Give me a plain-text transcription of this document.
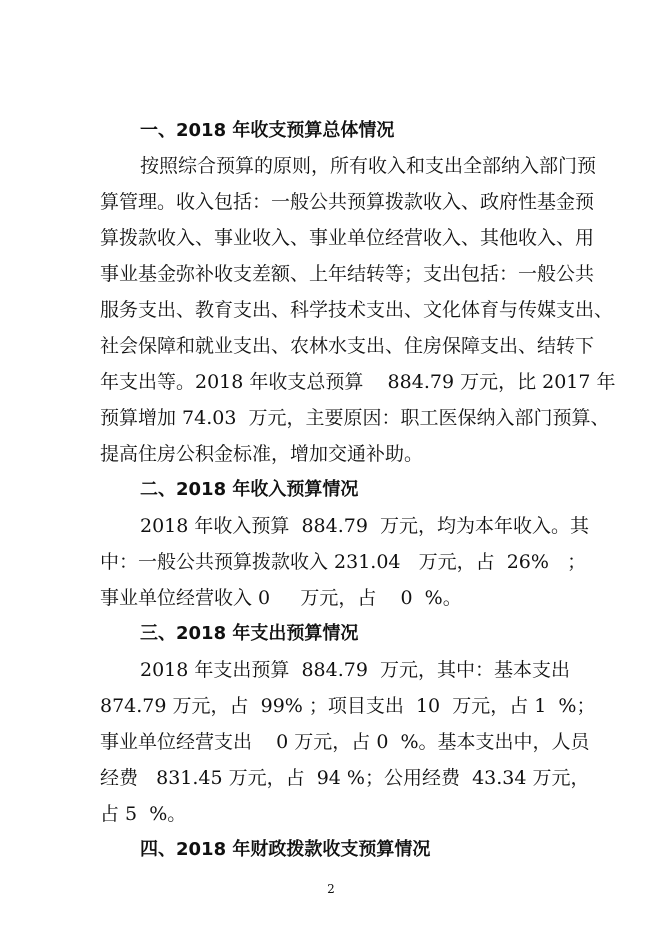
一、2018 年收支预算总体情况
按照综合预算的原则，所有收入和支出全部纳入部门预
算管理。收入包括：一般公共预算拨款收入、政府性基金预
算拨款收入、事业收入、事业单位经营收入、其他收入、用
事业基金弥补收支差额、上年结转等；支出包括：一般公共
服务支出、教育支出、科学技术支出、文化体育与传媒支出、
社会保障和就业支出、农林水支出、住房保障支出、结转下
年支出等。2018 年收支总预算    884.79 万元，比 2017 年
预算增加 74.03  万元，主要原因：职工医保纳入部门预算、
提高住房公积金标准，增加交通补助。
二、2018 年收入预算情况
2018 年收入预算  884.79  万元，均为本年收入。其
中：一般公共预算拨款收入 231.04   万元，占  26%   ；
事业单位经营收入 0     万元，占    0  %。
三、2018 年支出预算情况
2018 年支出预算  884.79  万元，其中：基本支出
874.79 万元，占  99% ；项目支出  10  万元，占 1  %；
事业单位经营支出    0 万元，占 0  %。基本支出中，人员
经费   831.45 万元，占  94 %；公用经费  43.34 万元，
占 5  %。
四、2018 年财政拨款收支预算情况
2
